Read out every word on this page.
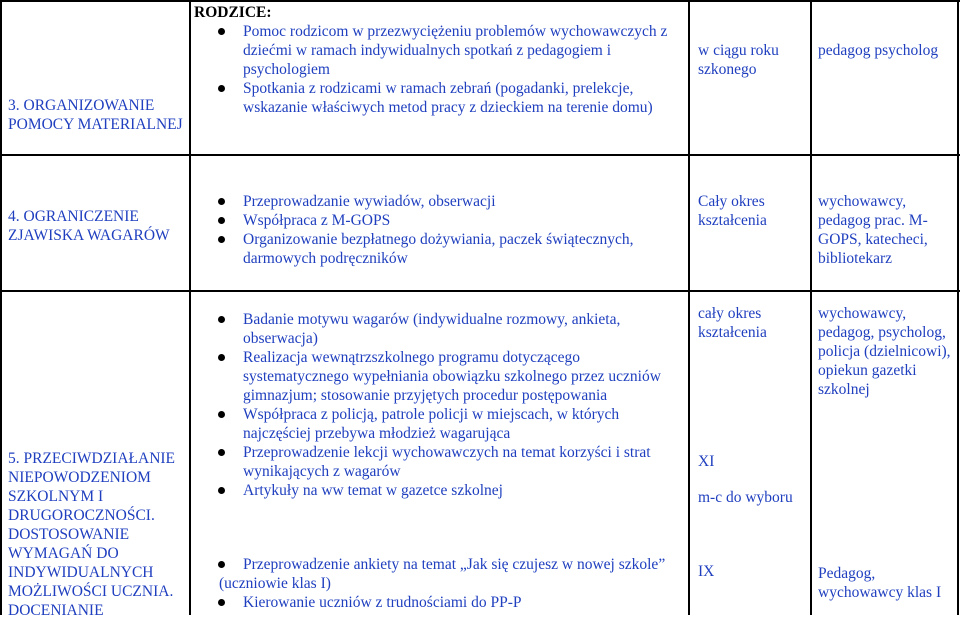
3. ORGANIZOWANIE POMOCY MATERIALNEJ
RODZICE:
Pomoc rodzicom w przezwyciężeniu problemów wychowawczych z dziećmi w ramach indywidualnych spotkań z pedagogiem i psychologiem
Spotkania z rodzicami w ramach zebrań (pogadanki, prelekcje, wskazanie właściwych metod pracy z dzieckiem na terenie domu)
w ciągu roku szkonego
pedagog psycholog
4. OGRANICZENIE ZJAWISKA WAGARÓW
Przeprowadzanie wywiadów, obserwacji
Współpraca z M-GOPS
Organizowanie bezpłatnego dożywiania, paczek świątecznych, darmowych podręczników
Cały okres kształcenia
wychowawcy, pedagog prac. M-GOPS, katecheci, bibliotekarz
5. PRZECIWDZIAŁANIE NIEPOWODZENIOM SZKOLNYM I DRUGOROCZNOŚCI. DOSTOSOWANIE WYMAGAŃ DO INDYWIDUALNYCH MOŻLIWOŚCI UCZNIA. DOCENIANIE
Badanie motywu wagarów (indywidualne rozmowy, ankieta, obserwacja)
Realizacja wewnątrzszkolnego programu dotyczącego systematycznego wypełniania obowiązku szkolnego przez uczniów gimnazjum; stosowanie przyjętych procedur postępowania
Współpraca z policją, patrole policji w miejscach, w których najczęściej przebywa młodzież wagarująca
Przeprowadzenie lekcji wychowawczych na temat korzyści i strat wynikających z wagarów
Artykuły na ww temat w gazetce szkolnej
Przeprowadzenie ankiety na temat „Jak się czujesz w nowej szkole” (uczniowie klas I)
Kierowanie uczniów z trudnościami do PP-P
cały okres kształcenia
XI
m-c do wyboru
IX
wychowawcy, pedagog, psycholog, policja (dzielnicowi), opiekun gazetki szkolnej
Pedagog, wychowawcy klas I
